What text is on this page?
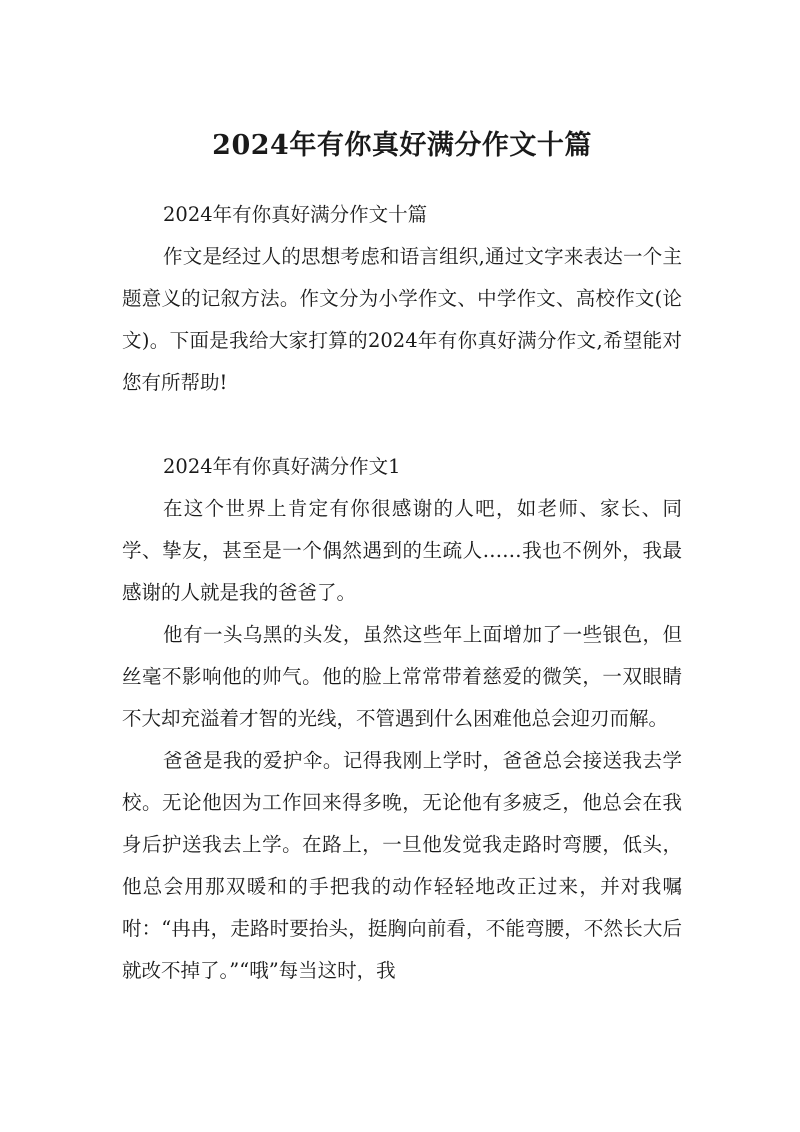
2024年有你真好满分作文十篇

2024年有你真好满分作文十篇

作文是经过人的思想考虑和语言组织,通过文字来表达一个主题意义的记叙方法。作文分为小学作文、中学作文、高校作文(论文)。下面是我给大家打算的2024年有你真好满分作文,希望能对您有所帮助!

2024年有你真好满分作文1

在这个世界上肯定有你很感谢的人吧，如老师、家长、同学、挚友，甚至是一个偶然遇到的生疏人……我也不例外，我最感谢的人就是我的爸爸了。

他有一头乌黑的头发，虽然这些年上面增加了一些银色，但丝毫不影响他的帅气。他的脸上常常带着慈爱的微笑，一双眼睛不大却充溢着才智的光线，不管遇到什么困难他总会迎刃而解。

爸爸是我的爱护伞。记得我刚上学时，爸爸总会接送我去学校。无论他因为工作回来得多晚，无论他有多疲乏，他总会在我身后护送我去上学。在路上，一旦他发觉我走路时弯腰，低头，他总会用那双暖和的手把我的动作轻轻地改正过来，并对我嘱咐：“冉冉，走路时要抬头，挺胸向前看，不能弯腰，不然长大后就改不掉了。”“哦”每当这时，我
